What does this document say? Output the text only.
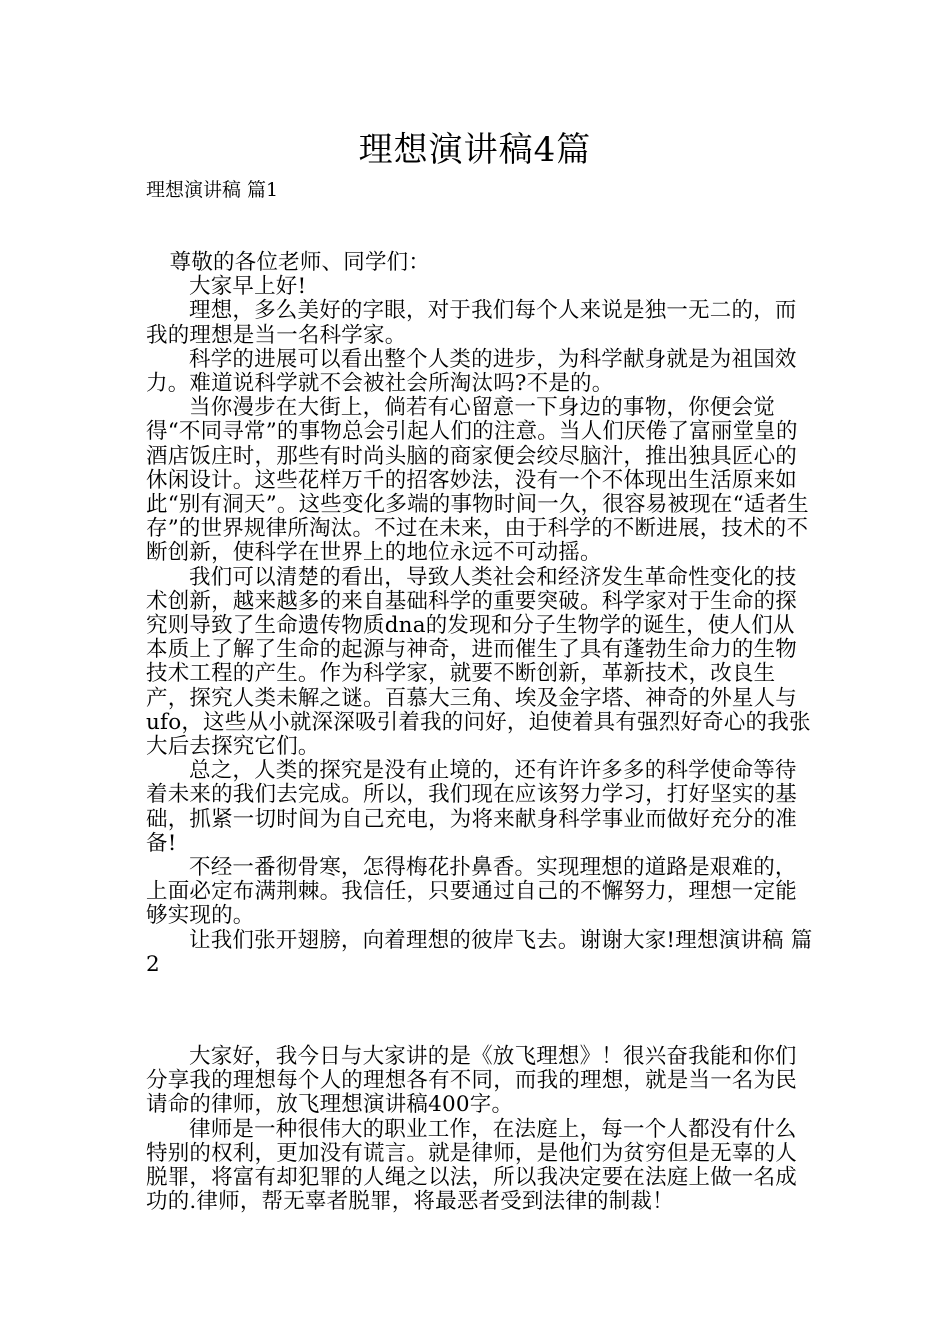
理想演讲稿4篇
理想演讲稿 篇1

尊敬的各位老师、同学们：

大家早上好!

理想，多么美好的字眼，对于我们每个人来说是独一无二的，而我的理想是当一名科学家。

科学的进展可以看出整个人类的进步，为科学献身就是为祖国效力。难道说科学就不会被社会所淘汰吗?不是的。

当你漫步在大街上，倘若有心留意一下身边的事物，你便会觉得“不同寻常”的事物总会引起人们的注意。当人们厌倦了富丽堂皇的酒店饭庄时，那些有时尚头脑的商家便会绞尽脑汁，推出独具匠心的休闲设计。这些花样万千的招客妙法，没有一个不体现出生活原来如此“别有洞天”。这些变化多端的事物时间一久，很容易被现在“适者生存”的世界规律所淘汰。不过在未来，由于科学的不断进展，技术的不断创新，使科学在世界上的地位永远不可动摇。

我们可以清楚的看出，导致人类社会和经济发生革命性变化的技术创新，越来越多的来自基础科学的重要突破。科学家对于生命的探究则导致了生命遗传物质dna的发现和分子生物学的诞生，使人们从本质上了解了生命的起源与神奇，进而催生了具有蓬勃生命力的生物技术工程的产生。作为科学家，就要不断创新，革新技术，改良生产，探究人类未解之谜。百慕大三角、埃及金字塔、神奇的外星人与ufo，这些从小就深深吸引着我的问好，迫使着具有强烈好奇心的我张大后去探究它们。

总之，人类的探究是没有止境的，还有许许多多的科学使命等待着未来的我们去完成。所以，我们现在应该努力学习，打好坚实的基础，抓紧一切时间为自己充电，为将来献身科学事业而做好充分的准备!

不经一番彻骨寒，怎得梅花扑鼻香。实现理想的道路是艰难的，上面必定布满荆棘。我信任，只要通过自己的不懈努力，理想一定能够实现的。

让我们张开翅膀，向着理想的彼岸飞去。谢谢大家!理想演讲稿 篇2

大家好，我今日与大家讲的是《放飞理想》！很兴奋我能和你们分享我的理想每个人的理想各有不同，而我的理想，就是当一名为民请命的律师，放飞理想演讲稿400字。

律师是一种很伟大的职业工作，在法庭上，每一个人都没有什么特别的权利，更加没有谎言。就是律师，是他们为贫穷但是无辜的人脱罪，将富有却犯罪的人绳之以法，所以我决定要在法庭上做一名成功的.律师，帮无辜者脱罪，将最恶者受到法律的制裁！
